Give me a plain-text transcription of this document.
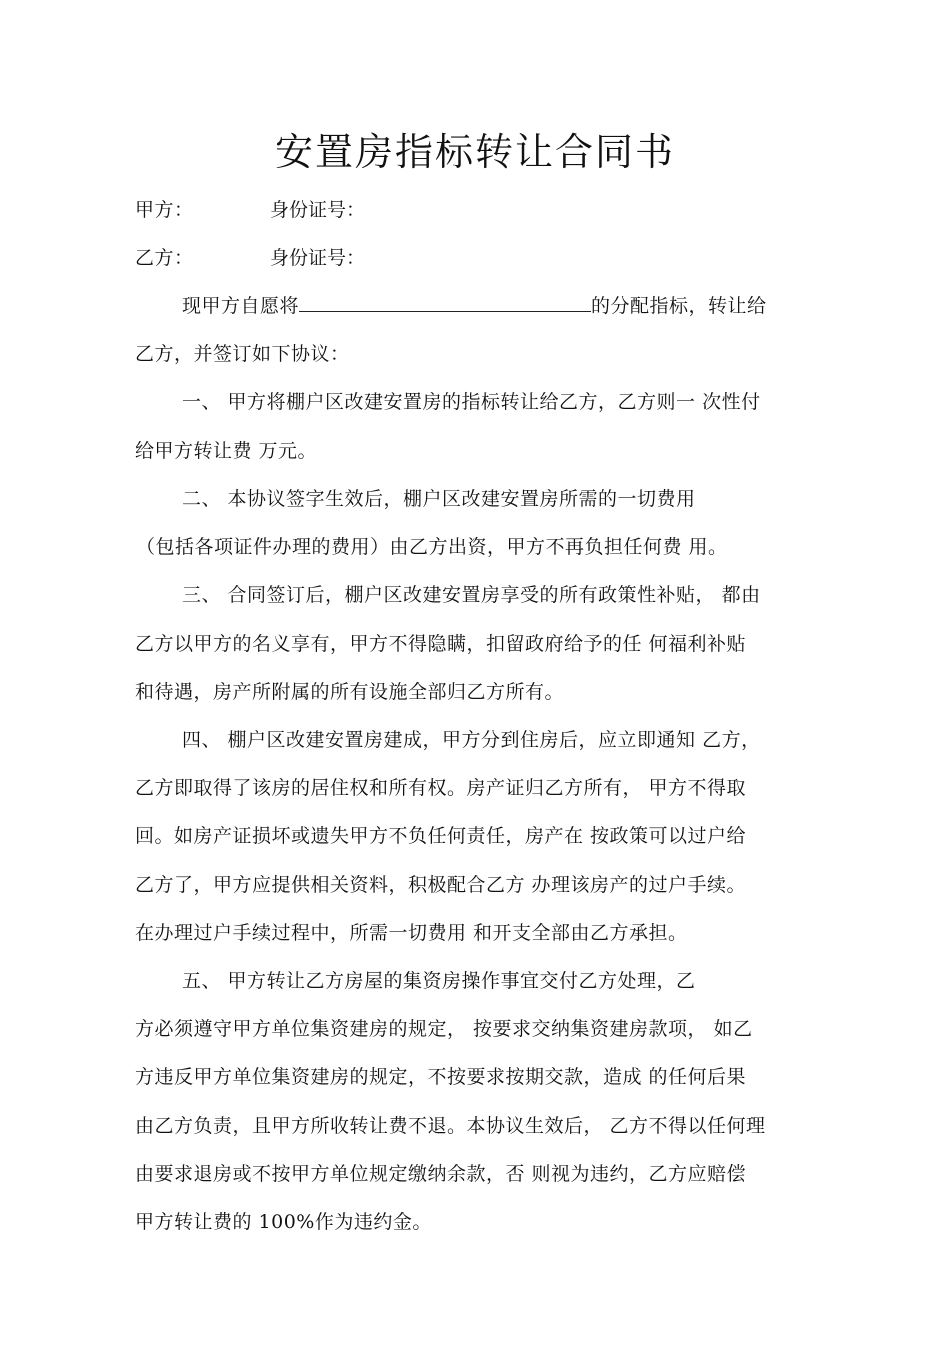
安置房指标转让合同书
甲方：	身份证号：
乙方：	身份证号：
现甲方自愿将	的分配指标，转让给
乙方，并签订如下协议：
一、 甲方将棚户区改建安置房的指标转让给乙方，乙方则一 次性付
给甲方转让费 万元。
二、 本协议签字生效后，棚户区改建安置房所需的一切费用
（包括各项证件办理的费用）由乙方出资，甲方不再负担任何费 用。
三、 合同签订后，棚户区改建安置房享受的所有政策性补贴， 都由
乙方以甲方的名义享有，甲方不得隐瞒，扣留政府给予的任 何福利补贴
和待遇，房产所附属的所有设施全部归乙方所有。
四、 棚户区改建安置房建成，甲方分到住房后，应立即通知 乙方，
乙方即取得了该房的居住权和所有权。房产证归乙方所有， 甲方不得取
回。如房产证损坏或遗失甲方不负任何责任，房产在 按政策可以过户给
乙方了，甲方应提供相关资料，积极配合乙方 办理该房产的过户手续。
在办理过户手续过程中，所需一切费用 和开支全部由乙方承担。
五、 甲方转让乙方房屋的集资房操作事宜交付乙方处理，乙
方必须遵守甲方单位集资建房的规定， 按要求交纳集资建房款项， 如乙
方违反甲方单位集资建房的规定，不按要求按期交款，造成 的任何后果
由乙方负责，且甲方所收转让费不退。本协议生效后， 乙方不得以任何理
由要求退房或不按甲方单位规定缴纳余款，否 则视为违约，乙方应赔偿
甲方转让费的 100%作为违约金。
